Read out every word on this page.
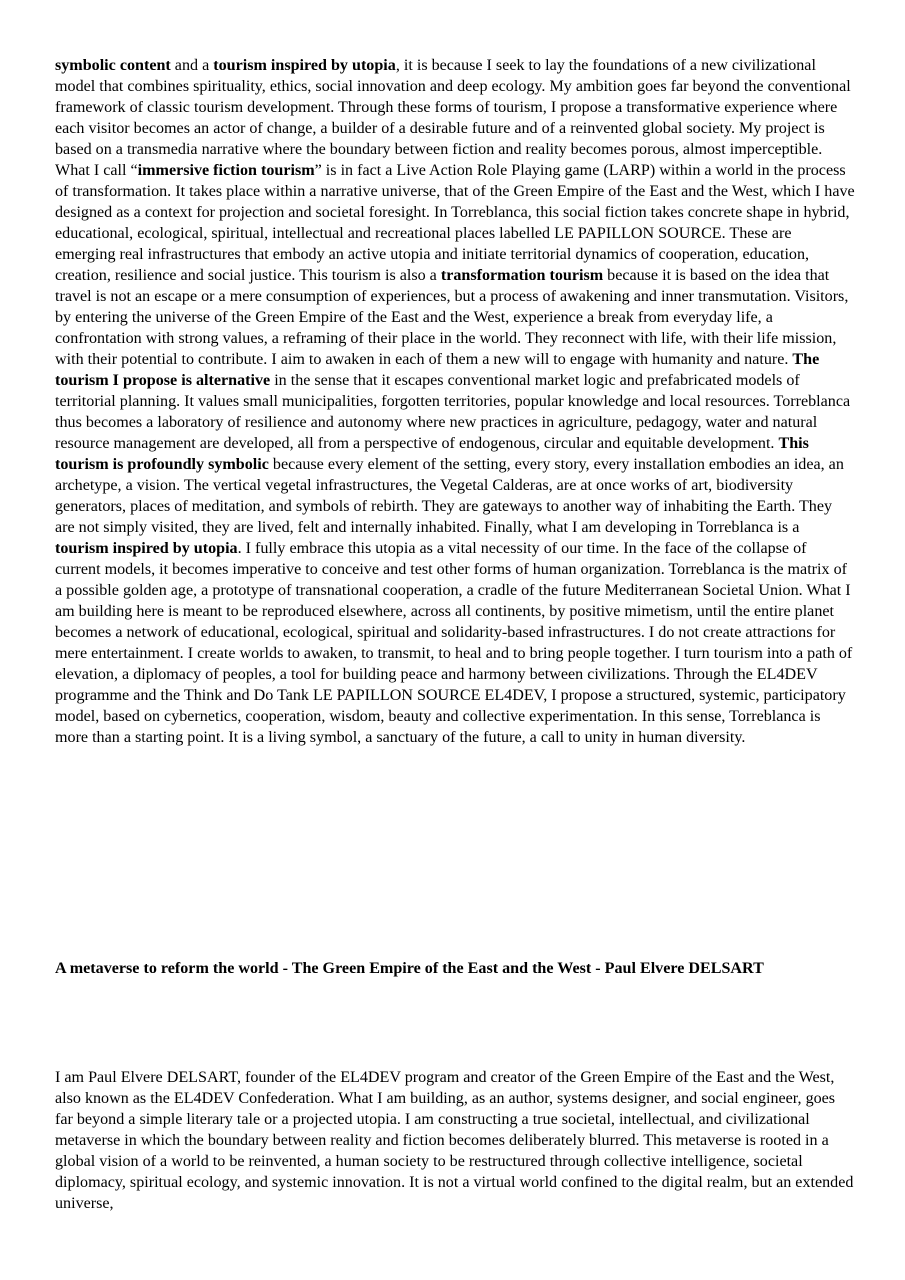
symbolic content and a tourism inspired by utopia, it is because I seek to lay the foundations of a new civilizational model that combines spirituality, ethics, social innovation and deep ecology. My ambition goes far beyond the conventional framework of classic tourism development. Through these forms of tourism, I propose a transformative experience where each visitor becomes an actor of change, a builder of a desirable future and of a reinvented global society. My project is based on a transmedia narrative where the boundary between fiction and reality becomes porous, almost imperceptible. What I call “immersive fiction tourism” is in fact a Live Action Role Playing game (LARP) within a world in the process of transformation. It takes place within a narrative universe, that of the Green Empire of the East and the West, which I have designed as a context for projection and societal foresight. In Torreblanca, this social fiction takes concrete shape in hybrid, educational, ecological, spiritual, intellectual and recreational places labelled LE PAPILLON SOURCE. These are emerging real infrastructures that embody an active utopia and initiate territorial dynamics of cooperation, education, creation, resilience and social justice. This tourism is also a transformation tourism because it is based on the idea that travel is not an escape or a mere consumption of experiences, but a process of awakening and inner transmutation. Visitors, by entering the universe of the Green Empire of the East and the West, experience a break from everyday life, a confrontation with strong values, a reframing of their place in the world. They reconnect with life, with their life mission, with their potential to contribute. I aim to awaken in each of them a new will to engage with humanity and nature. The tourism I propose is alternative in the sense that it escapes conventional market logic and prefabricated models of territorial planning. It values small municipalities, forgotten territories, popular knowledge and local resources. Torreblanca thus becomes a laboratory of resilience and autonomy where new practices in agriculture, pedagogy, water and natural resource management are developed, all from a perspective of endogenous, circular and equitable development. This tourism is profoundly symbolic because every element of the setting, every story, every installation embodies an idea, an archetype, a vision. The vertical vegetal infrastructures, the Vegetal Calderas, are at once works of art, biodiversity generators, places of meditation, and symbols of rebirth. They are gateways to another way of inhabiting the Earth. They are not simply visited, they are lived, felt and internally inhabited. Finally, what I am developing in Torreblanca is a tourism inspired by utopia. I fully embrace this utopia as a vital necessity of our time. In the face of the collapse of current models, it becomes imperative to conceive and test other forms of human organization. Torreblanca is the matrix of a possible golden age, a prototype of transnational cooperation, a cradle of the future Mediterranean Societal Union. What I am building here is meant to be reproduced elsewhere, across all continents, by positive mimetism, until the entire planet becomes a network of educational, ecological, spiritual and solidarity-based infrastructures. I do not create attractions for mere entertainment. I create worlds to awaken, to transmit, to heal and to bring people together. I turn tourism into a path of elevation, a diplomacy of peoples, a tool for building peace and harmony between civilizations. Through the EL4DEV programme and the Think and Do Tank LE PAPILLON SOURCE EL4DEV, I propose a structured, systemic, participatory model, based on cybernetics, cooperation, wisdom, beauty and collective experimentation. In this sense, Torreblanca is more than a starting point. It is a living symbol, a sanctuary of the future, a call to unity in human diversity.

A metaverse to reform the world - The Green Empire of the East and the West - Paul Elvere DELSART

I am Paul Elvere DELSART, founder of the EL4DEV program and creator of the Green Empire of the East and the West, also known as the EL4DEV Confederation. What I am building, as an author, systems designer, and social engineer, goes far beyond a simple literary tale or a projected utopia. I am constructing a true societal, intellectual, and civilizational metaverse in which the boundary between reality and fiction becomes deliberately blurred. This metaverse is rooted in a global vision of a world to be reinvented, a human society to be restructured through collective intelligence, societal diplomacy, spiritual ecology, and systemic innovation. It is not a virtual world confined to the digital realm, but an extended universe,
